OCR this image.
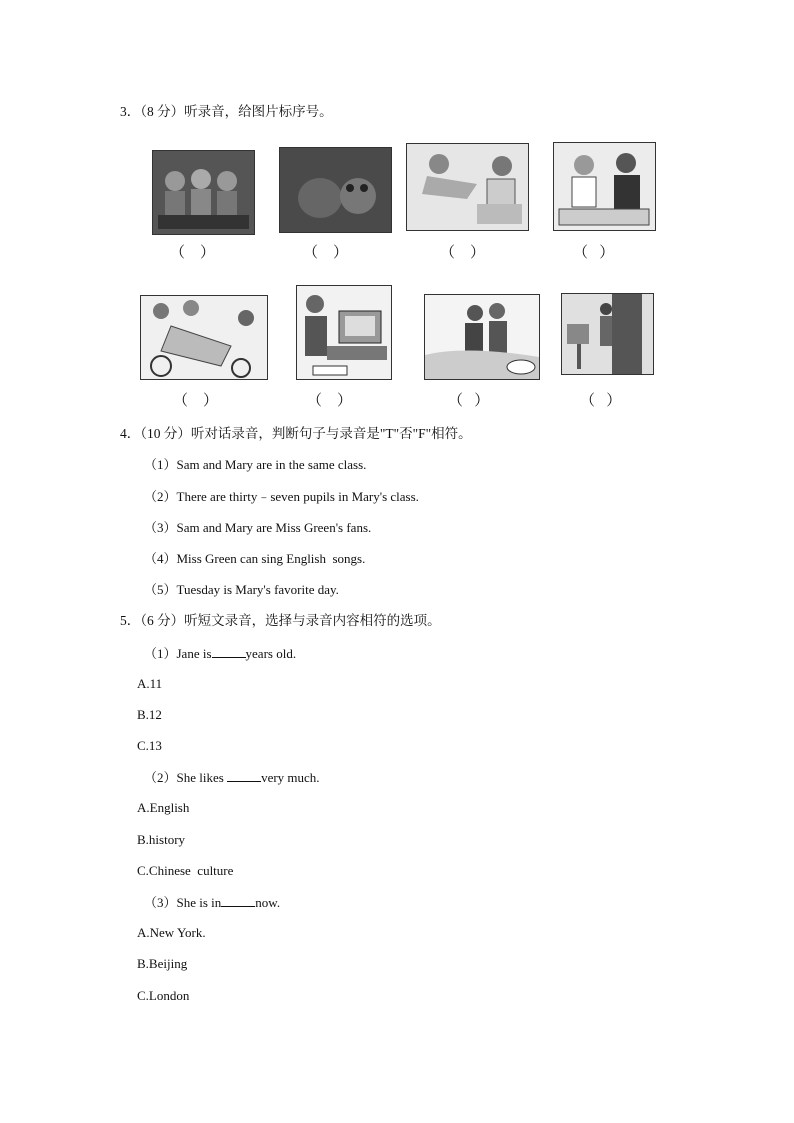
3．（8 分）听录音，给图片标序号。
（ ）	（ ）	（ ）	（ ）
（ ）	（ ）	（ ）	（ ）
4．（10 分）听对话录音，判断句子与录音是"T"否"F"相符。
（1）Sam and Mary are in the same class.
（2）There are thirty﹣seven pupils in Mary's class.
（3）Sam and Mary are Miss Green's fans.
（4）Miss Green can sing English  songs.
（5）Tuesday is Mary's favorite day.
5．（6 分）听短文录音，选择与录音内容相符的选项。
（1）Jane is	years old.
A.11
B.12
C.13
（2）She likes	very much.
A.English
B.history
C.Chinese  culture
（3）She is in	now.
A.New York.
B.Beijing
C.London
